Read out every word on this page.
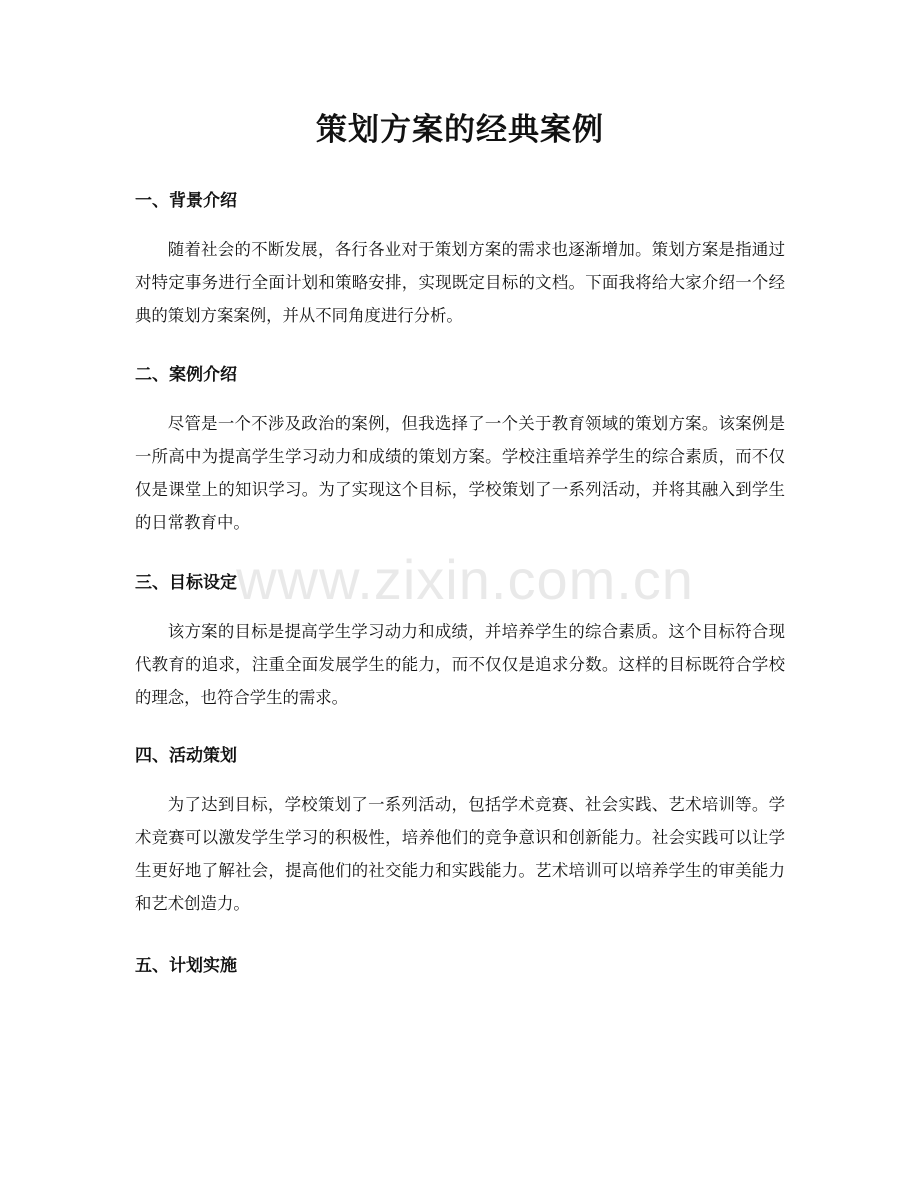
策划方案的经典案例

一、背景介绍

随着社会的不断发展，各行各业对于策划方案的需求也逐渐增加。策划方案是指通过对特定事务进行全面计划和策略安排，实现既定目标的文档。下面我将给大家介绍一个经典的策划方案案例，并从不同角度进行分析。

二、案例介绍

尽管是一个不涉及政治的案例，但我选择了一个关于教育领域的策划方案。该案例是一所高中为提高学生学习动力和成绩的策划方案。学校注重培养学生的综合素质，而不仅仅是课堂上的知识学习。为了实现这个目标，学校策划了一系列活动，并将其融入到学生的日常教育中。

三、目标设定

该方案的目标是提高学生学习动力和成绩，并培养学生的综合素质。这个目标符合现代教育的追求，注重全面发展学生的能力，而不仅仅是追求分数。这样的目标既符合学校的理念，也符合学生的需求。

四、活动策划

为了达到目标，学校策划了一系列活动，包括学术竞赛、社会实践、艺术培训等。学术竞赛可以激发学生学习的积极性，培养他们的竞争意识和创新能力。社会实践可以让学生更好地了解社会，提高他们的社交能力和实践能力。艺术培训可以培养学生的审美能力和艺术创造力。

五、计划实施

www.zixin.com.cn
